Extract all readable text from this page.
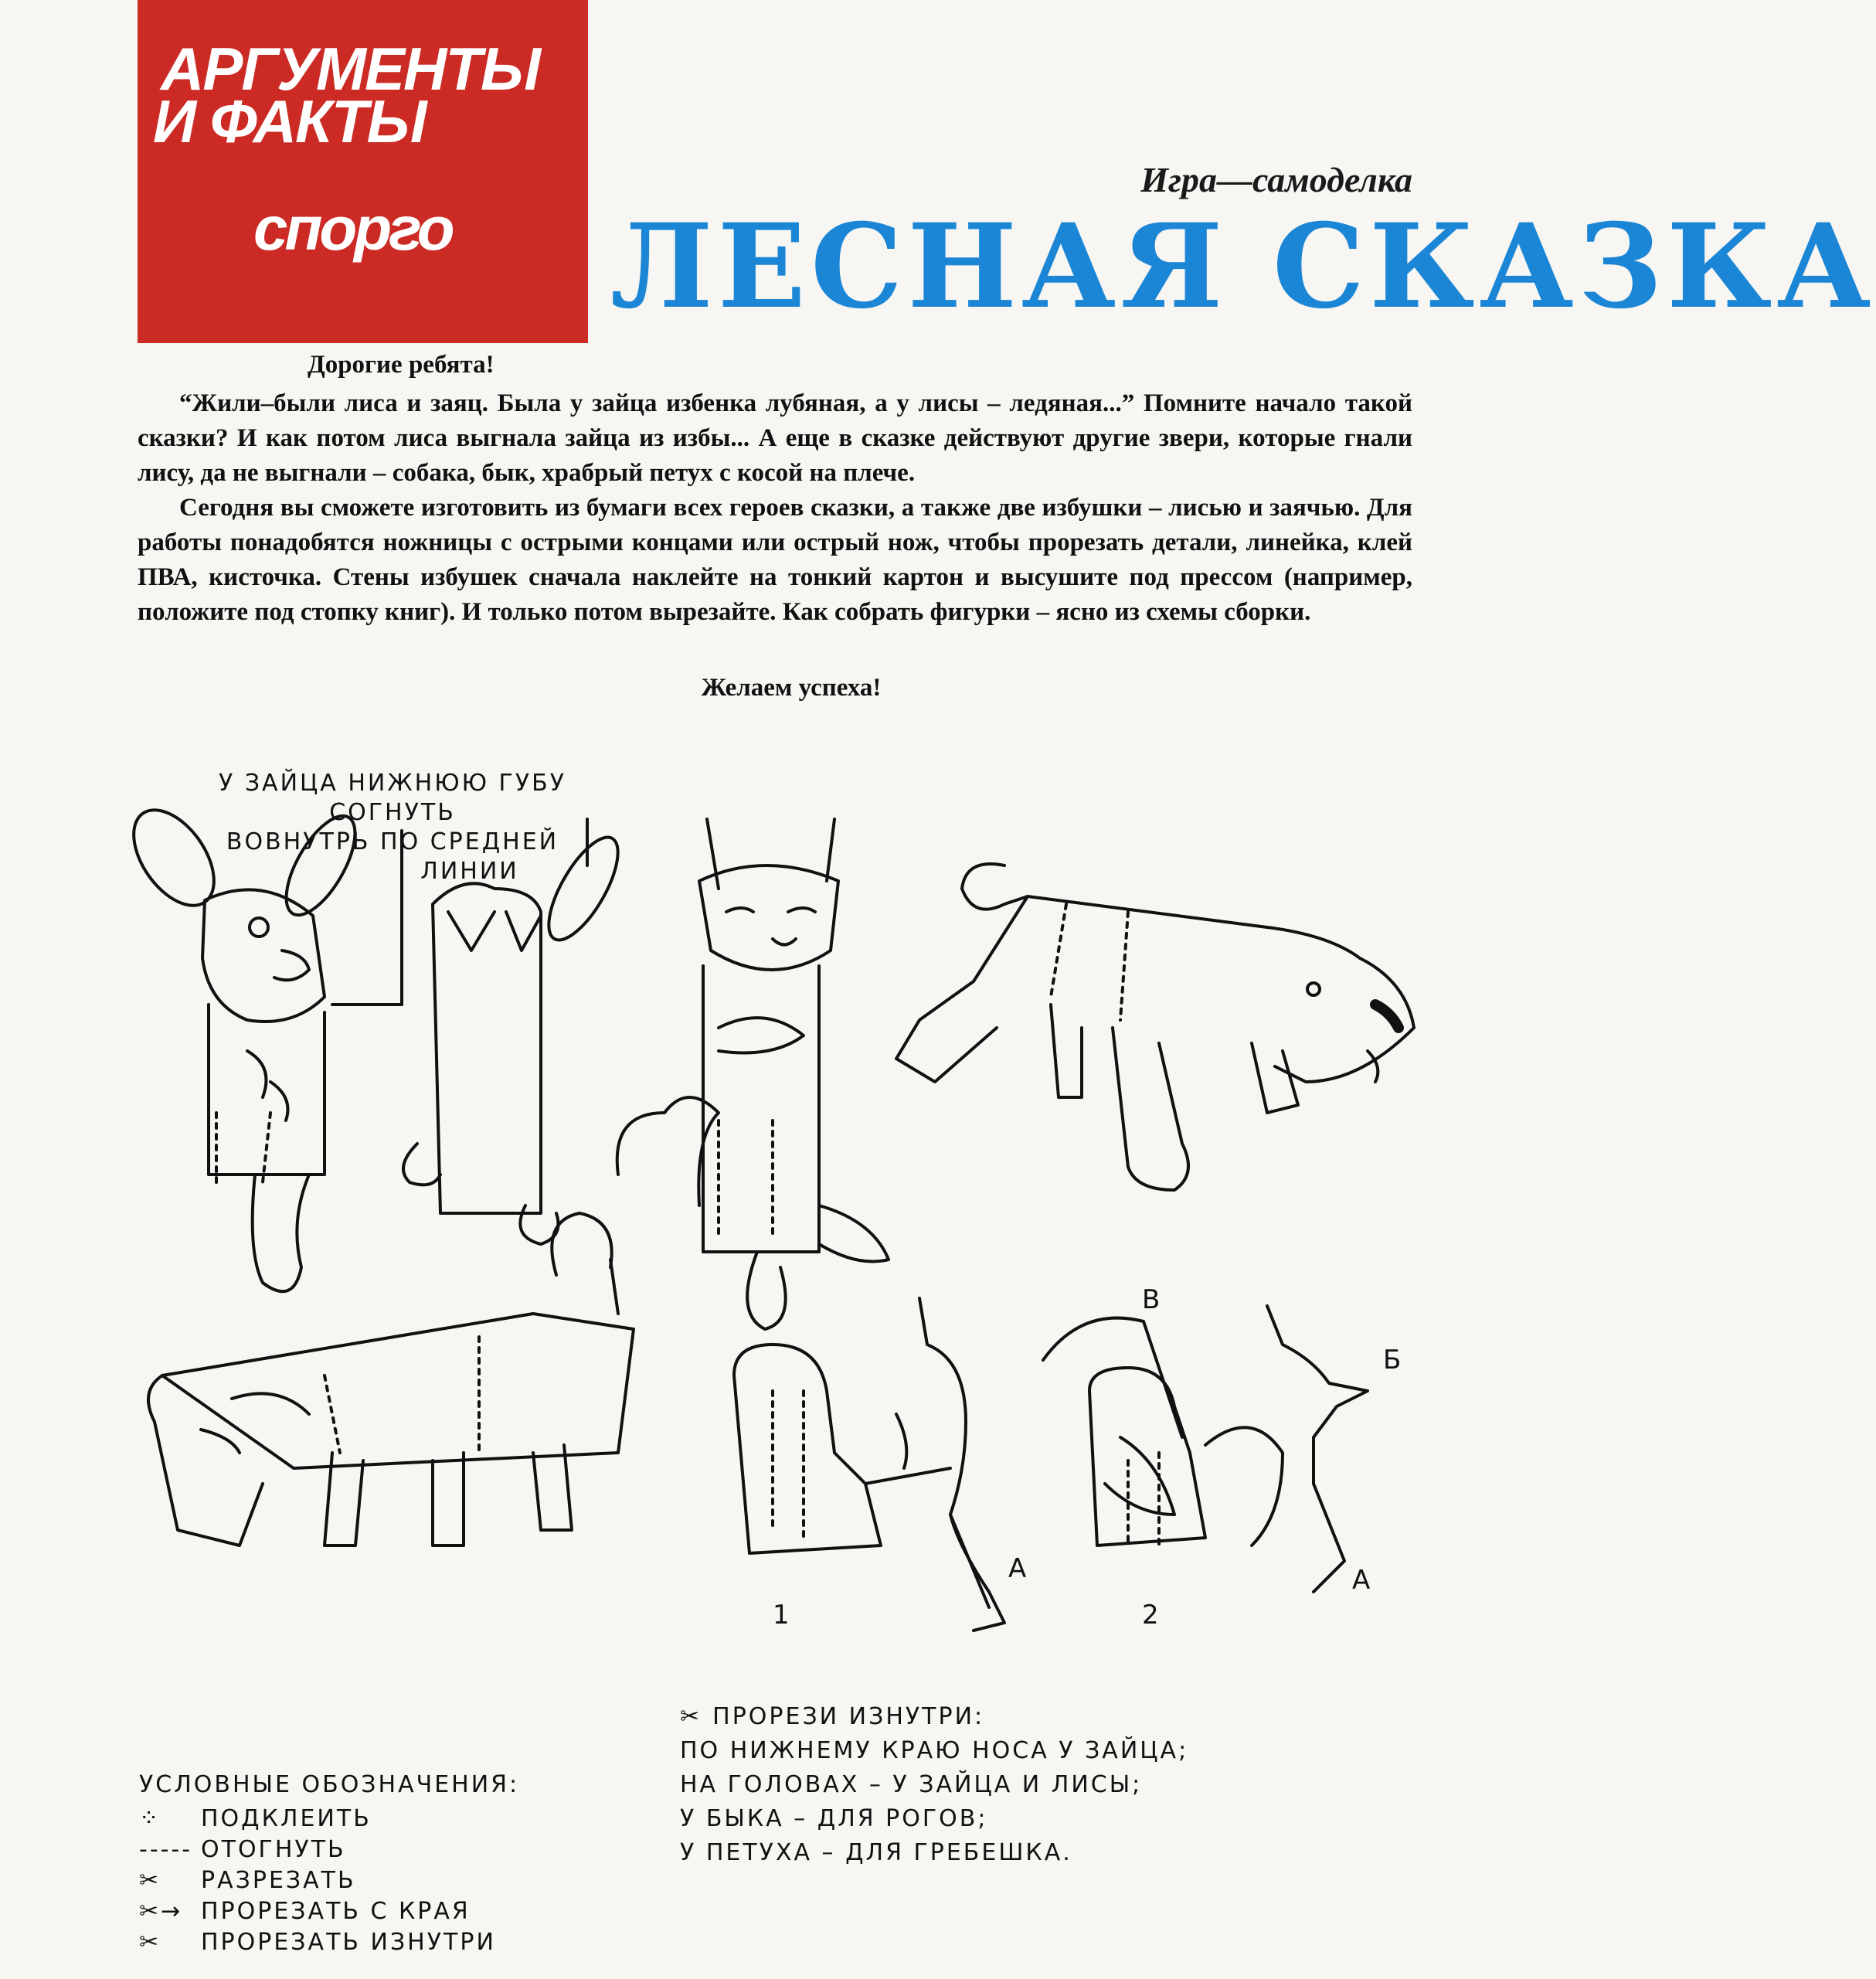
АРГУМЕНТЫ
И ФАКТЫ
спорго
Игра—самоделка
ЛЕСНАЯ СКАЗКА
Дорогие ребята!

“Жили–были лиса и заяц. Была у зайца избенка лубяная, а у лисы – ледяная...” Помните начало такой сказки? И как потом лиса выгнала зайца из избы... А еще в сказке действуют другие звери, которые гнали лису, да не выгнали – собака, бык, храбрый петух с косой на плече.

Сегодня вы сможете изготовить из бумаги всех героев сказки, а также две избушки – лисью и заячью. Для работы понадобятся ножницы с острыми концами или острый нож, чтобы прорезать детали, линейка, клей ПВА, кисточка. Стены избушек сначала наклейте на тонкий картон и высушите под прессом (например, положите под стопку книг). И только потом вырезайте. Как собрать фигурки – ясно из схемы сборки.

Желаем успеха!
У ЗАЙЦА НИЖНЮЮ ГУБУ СОГНУТЬ
ВОВНУТРЬ ПО СРЕДНЕЙ
ЛИНИИ
1	2
А	А
Б
В
УСЛОВНЫЕ ОБОЗНАЧЕНИЯ:
⁘	ПОДКЛЕИТЬ
----- ОТОГНУТЬ
✂	РАЗРЕЗАТЬ
✂→ ПРОРЕЗАТЬ С КРАЯ
✂	ПРОРЕЗАТЬ ИЗНУТРИ
✂ ПРОРЕЗИ ИЗНУТРИ:
ПО НИЖНЕМУ КРАЮ НОСА У ЗАЙЦА;
НА ГОЛОВАХ – У ЗАЙЦА И ЛИСЫ;
У БЫКА – ДЛЯ РОГОВ;
У ПЕТУХА – ДЛЯ ГРЕБЕШКА.
